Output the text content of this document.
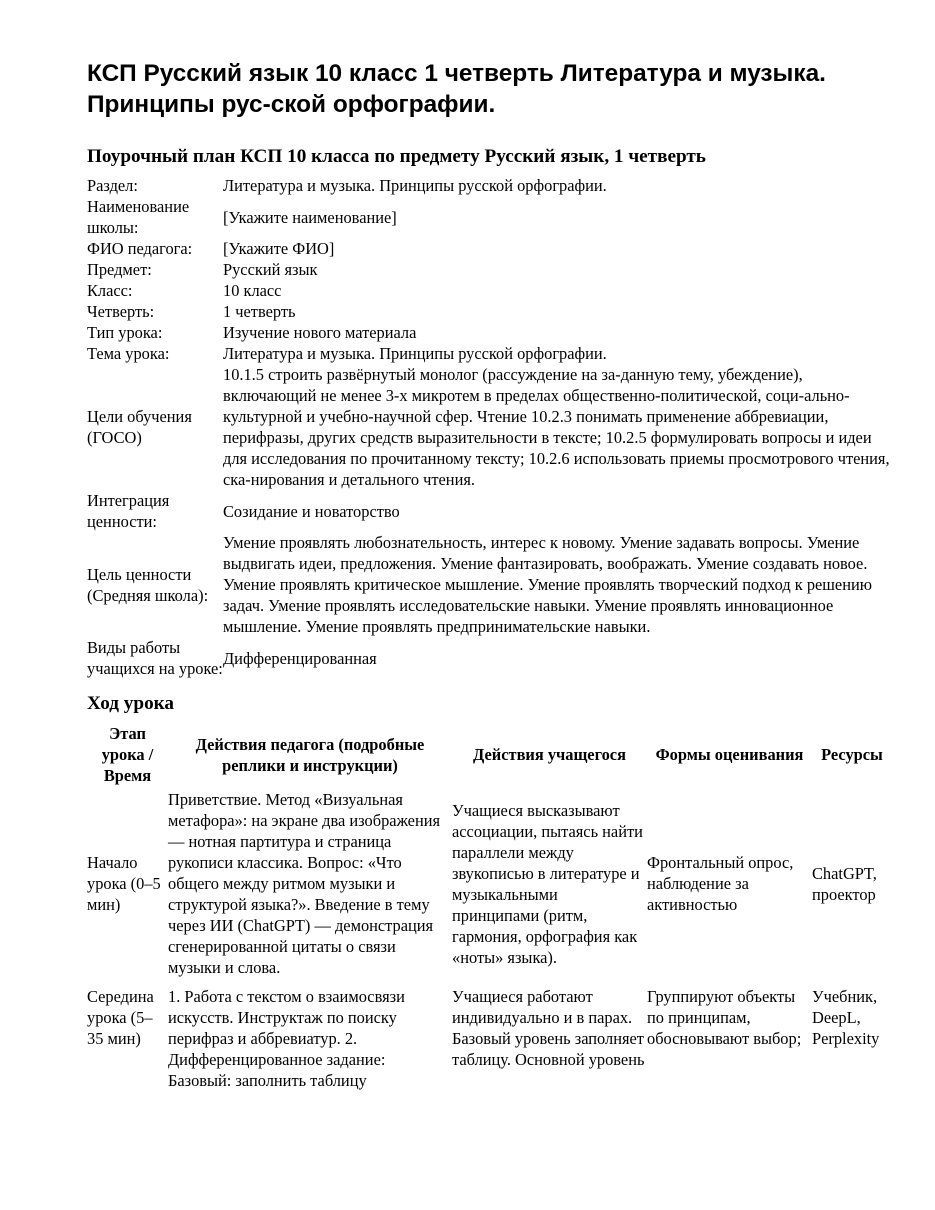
КСП Русский язык 10 класс 1 четверть Литература и музыка. Принципы рус-ской орфографии.
Поурочный план КСП 10 класса по предмету Русский язык, 1 четверть
Раздел:	Литература и музыка. Принципы русской орфографии.
Наименование школы:	[Укажите наименование]
ФИО педагога:	[Укажите ФИО]
Предмет:	Русский язык
Класс:	10 класс
Четверть:	1 четверть
Тип урока:	Изучение нового материала
Тема урока:	Литература и музыка. Принципы русской орфографии.
Цели обучения (ГОСО)	10.1.5 строить развёрнутый монолог (рассуждение на за-данную тему, убеждение), включающий не менее 3-х микротем в пределах общественно-политической, соци-ально-культурной и учебно-научной сфер. Чтение 10.2.3 понимать применение аббревиации, перифразы, других средств выразительности в тексте; 10.2.5 формулировать вопросы и идеи для исследования по прочитанному тексту; 10.2.6 использовать приемы просмотрового чтения, ска-нирования и детального чтения.
Интеграция ценности:	Созидание и новаторство
Цель ценности (Средняя школа):	Умение проявлять любознательность, интерес к новому. Умение задавать вопросы. Умение выдвигать идеи, предложения. Умение фантазировать, воображать. Умение создавать новое. Умение проявлять критическое мышление. Умение проявлять творческий подход к решению задач. Умение проявлять исследовательские навыки. Умение проявлять инновационное мышление. Умение проявлять предпринимательские навыки.
Виды работы учащихся на уроке:	Дифференцированная
Ход урока
Этап урока / Время	Действия педагога (подробные реплики и инструкции)	Действия учащегося	Формы оценивания	Ресурсы
Начало урока (0–5 мин)	Приветствие. Метод «Визуальная метафора»: на экране два изображения — нотная партитура и страница рукописи классика. Вопрос: «Что общего между ритмом музыки и структурой языка?». Введение в тему через ИИ (ChatGPT) — демонстрация сгенерированной цитаты о связи музыки и слова.	Учащиеся высказывают ассоциации, пытаясь найти параллели между звукописью в литературе и музыкальными принципами (ритм, гармония, орфография как «ноты» языка).	Фронтальный опрос, наблюдение за активностью	ChatGPT, проектор
Середина урока (5–35 мин)	1. Работа с текстом о взаимосвязи искусств. Инструктаж по поиску перифраз и аббревиатур. 2. Дифференцированное задание: Базовый: заполнить таблицу	Учащиеся работают индивидуально и в парах. Базовый уровень заполняет таблицу. Основной уровень	Группируют объекты по принципам, обосновывают выбор;	Учебник, DeepL, Perplexity
